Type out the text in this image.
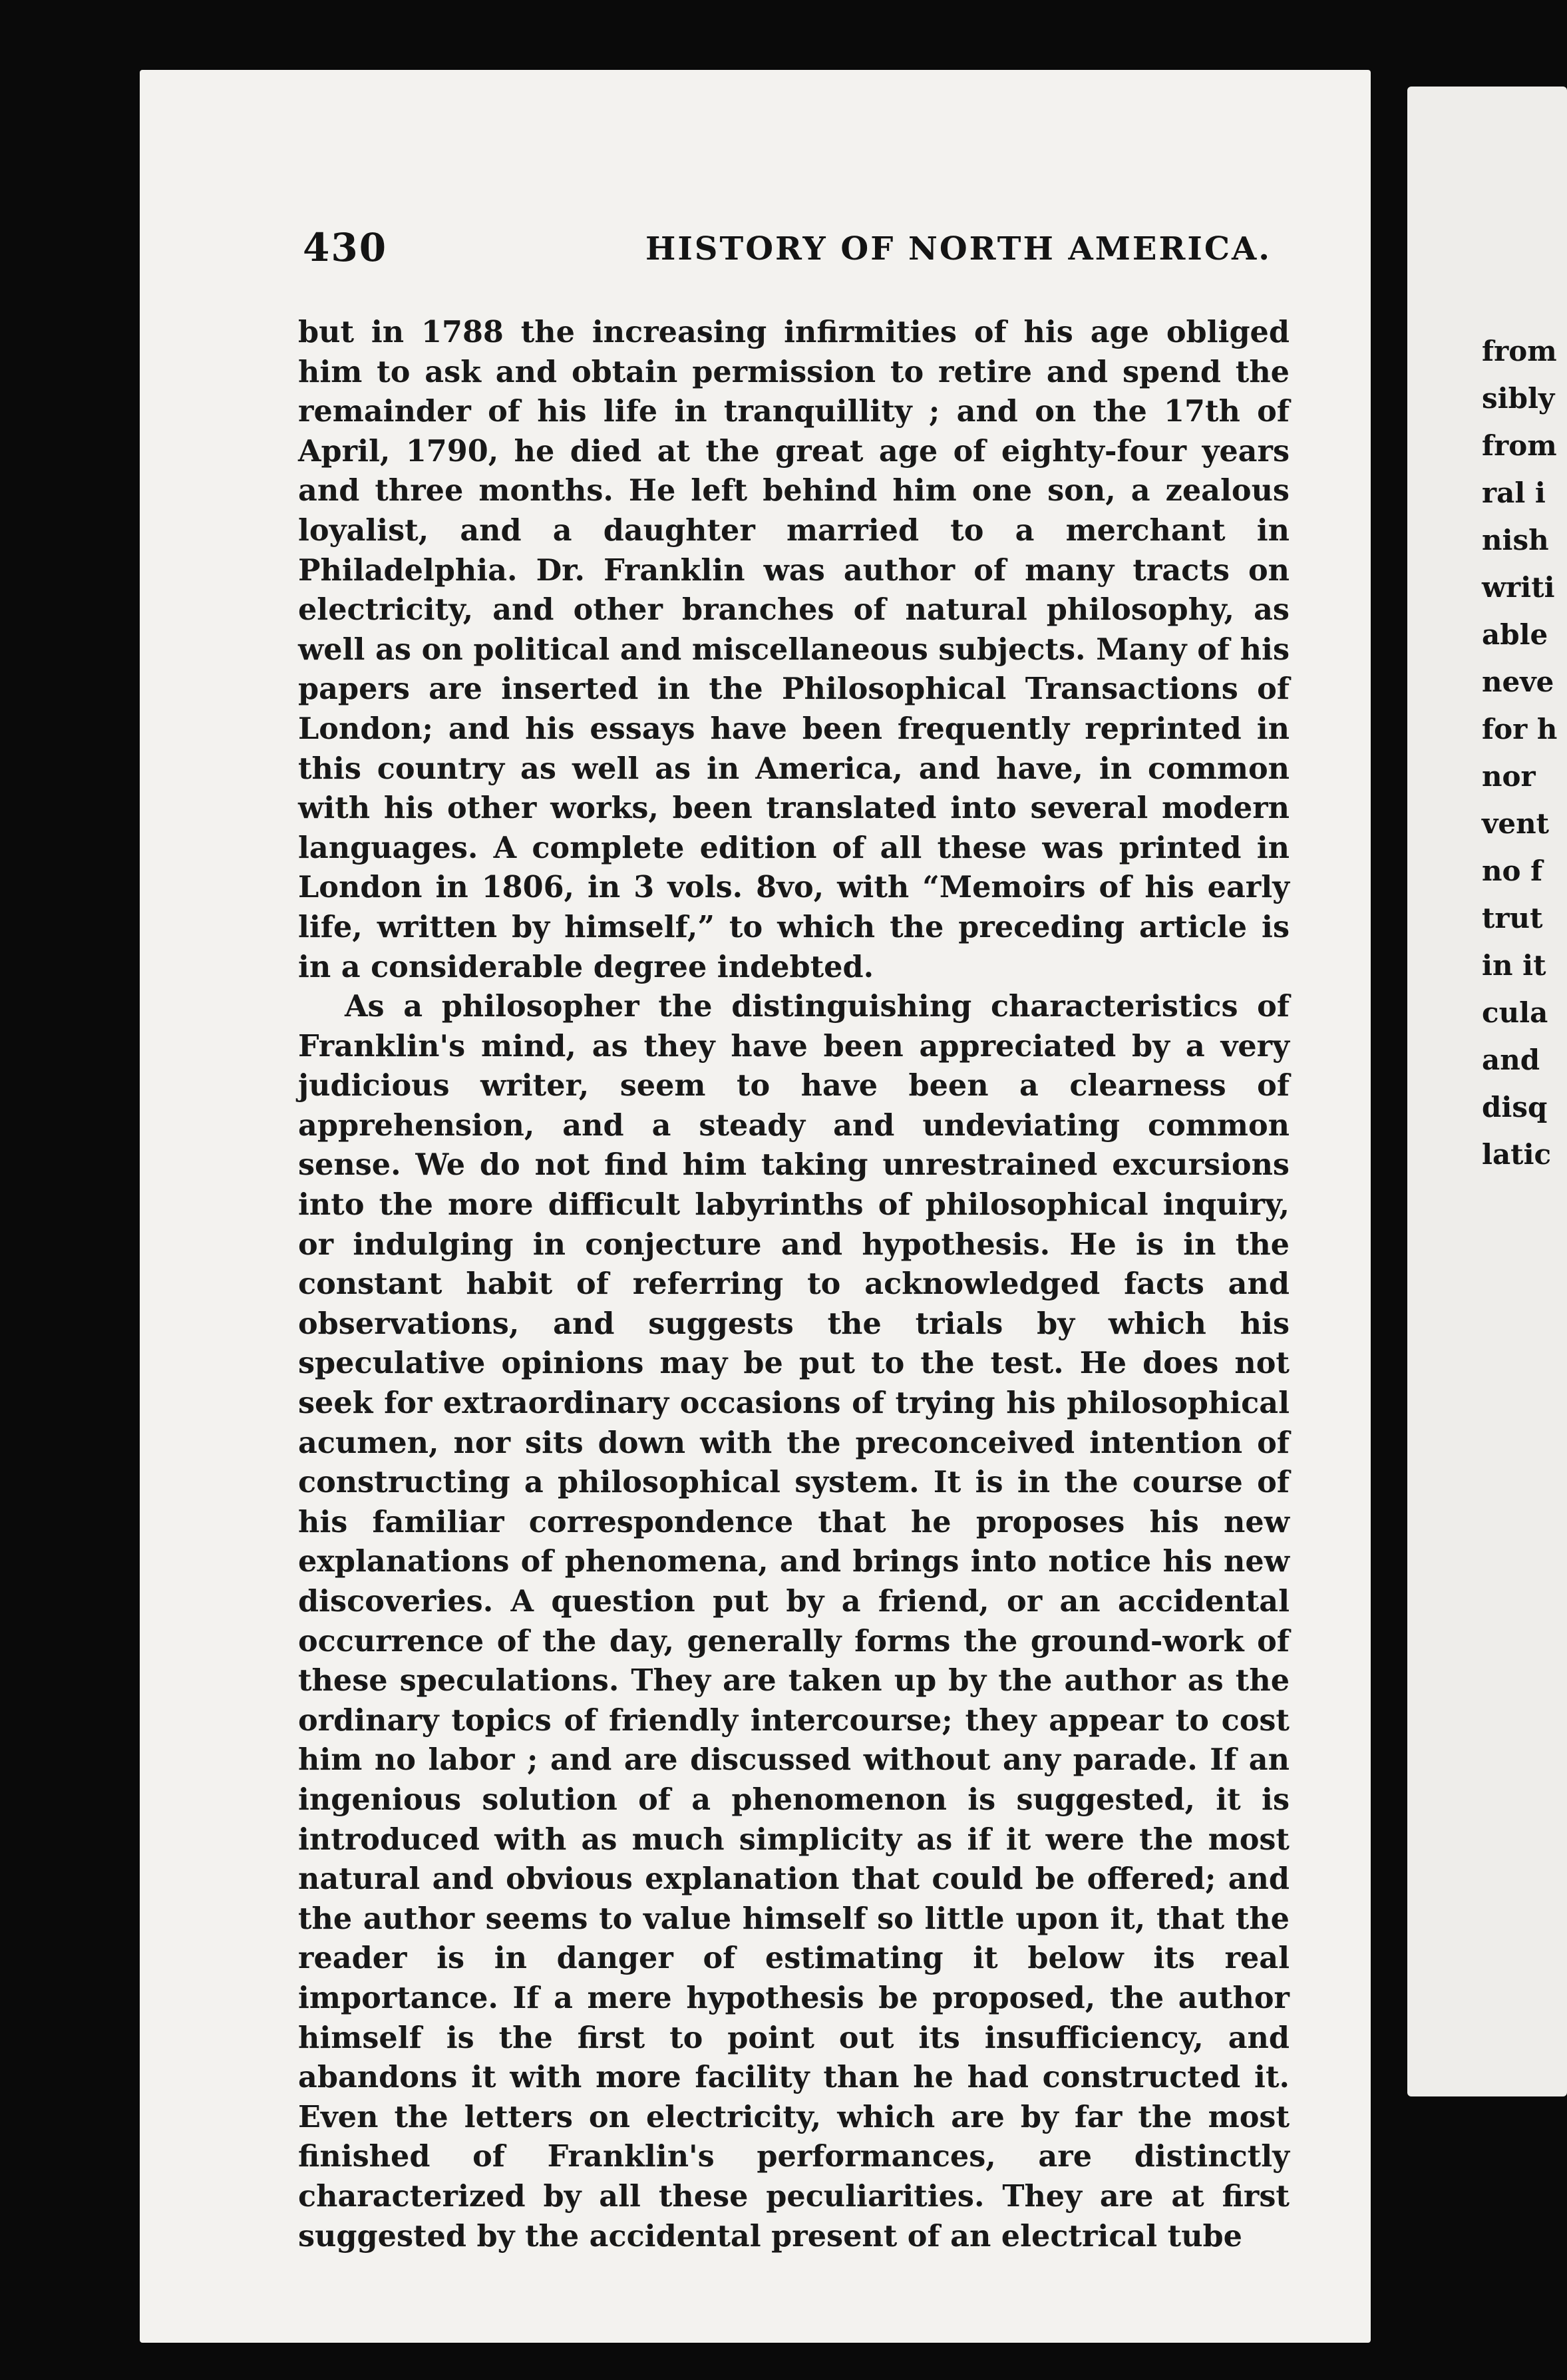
430	HISTORY OF NORTH AMERICA.

but in 1788 the increasing infirmities of his age obliged him to ask and obtain permission to retire and spend the remainder of his life in tranquillity ; and on the 17th of April, 1790, he died at the great age of eighty-four years and three months. He left behind him one son, a zealous loyalist, and a daughter married to a merchant in Philadelphia. Dr. Franklin was author of many tracts on electricity, and other branches of natural philosophy, as well as on political and miscellaneous subjects. Many of his papers are inserted in the Philosophical Transactions of London; and his essays have been frequently reprinted in this country as well as in America, and have, in common with his other works, been translated into several modern languages. A complete edition of all these was printed in London in 1806, in 3 vols. 8vo, with “Memoirs of his early life, written by himself,” to which the preceding article is in a considerable degree indebted.

As a philosopher the distinguishing characteristics of Franklin's mind, as they have been appreciated by a very judicious writer, seem to have been a clearness of apprehension, and a steady and undeviating common sense. We do not find him taking unrestrained excursions into the more difficult labyrinths of philosophical inquiry, or indulging in conjecture and hypothesis. He is in the constant habit of referring to acknowledged facts and observations, and suggests the trials by which his speculative opinions may be put to the test. He does not seek for extraordinary occasions of trying his philosophical acumen, nor sits down with the preconceived intention of constructing a philosophical system. It is in the course of his familiar correspondence that he proposes his new explanations of phenomena, and brings into notice his new discoveries. A question put by a friend, or an accidental occurrence of the day, generally forms the ground-work of these speculations. They are taken up by the author as the ordinary topics of friendly intercourse; they appear to cost him no labor ; and are discussed without any parade. If an ingenious solution of a phenomenon is suggested, it is introduced with as much simplicity as if it were the most natural and obvious explanation that could be offered; and the author seems to value himself so little upon it, that the reader is in danger of estimating it below its real importance. If a mere hypothesis be proposed, the author himself is the first to point out its insufficiency, and abandons it with more facility than he had constructed it. Even the letters on electricity, which are by far the most finished of Franklin's performances, are distinctly characterized by all these peculiarities. They are at first suggested by the accidental present of an electrical tube

from
sibly
from
ral i
nish
writi
able
neve
for h
nor
vent
no f
trut
in it
cula
and
disq
latic
